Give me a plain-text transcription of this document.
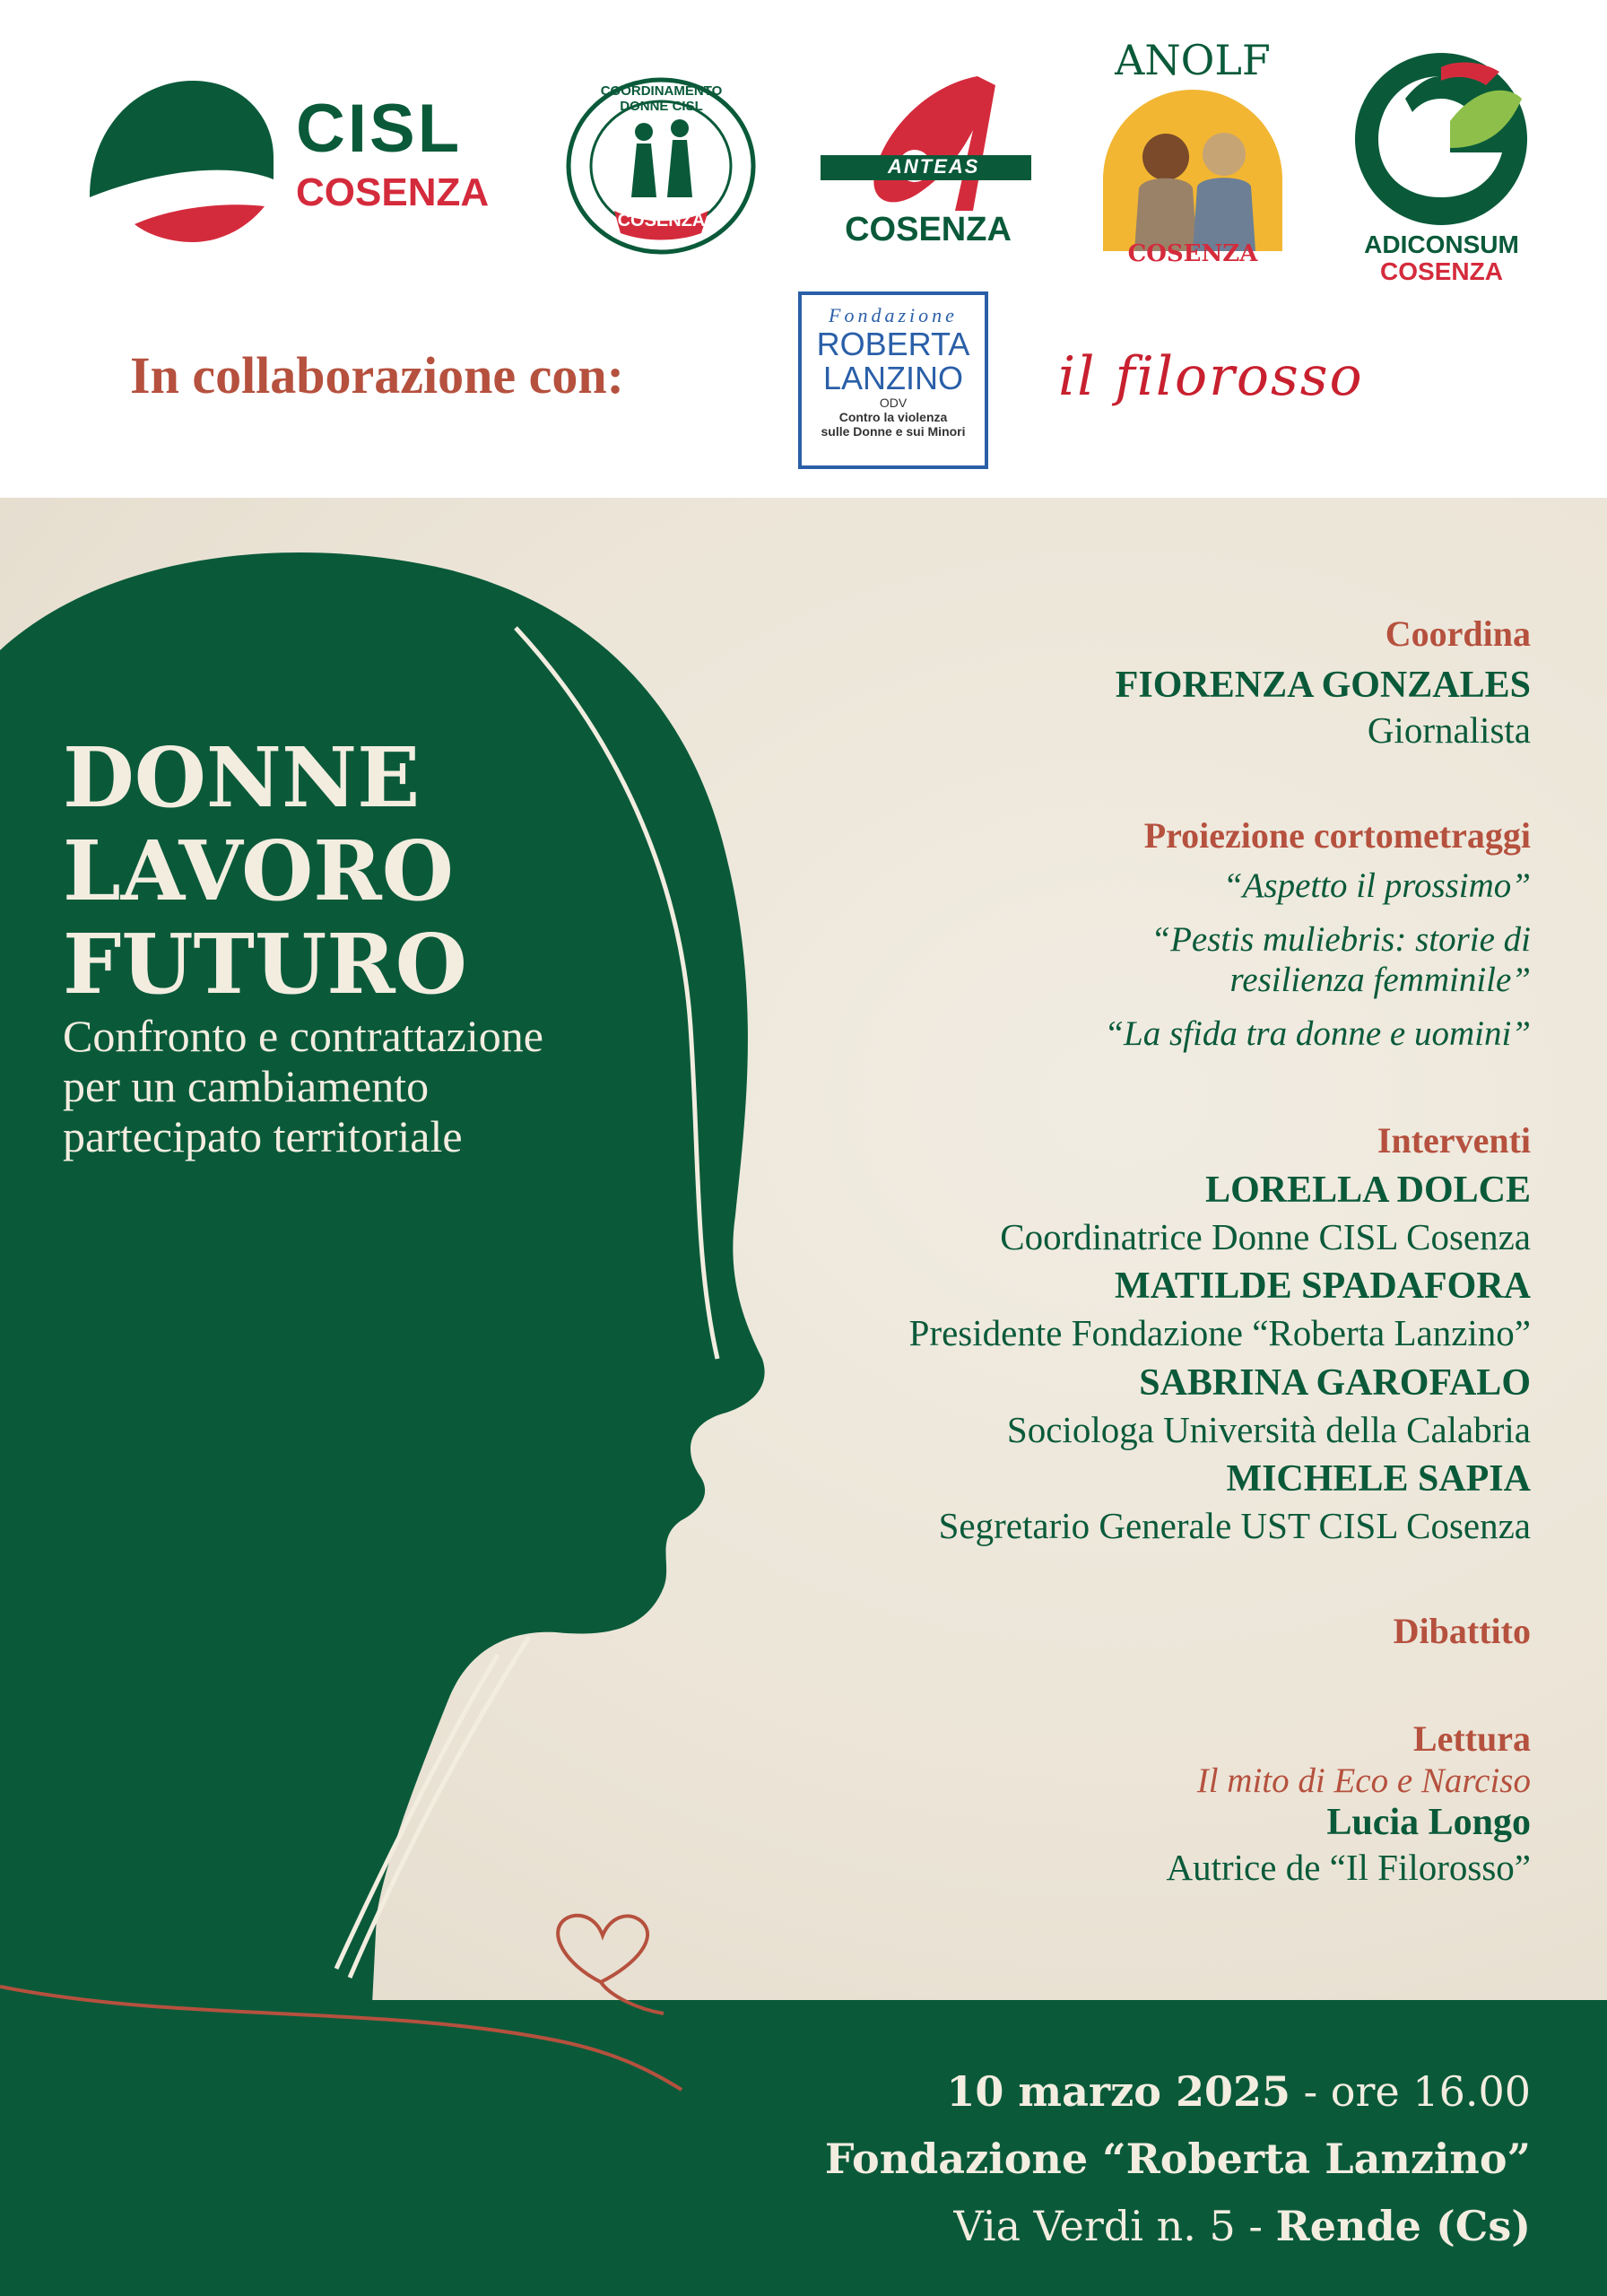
CISL
COSENZA
COORDINAMENTO DONNE CISL
COSENZA
ANTEAS
COSENZA
ANOLF
COSENZA	ADICONSUM
COSENZA
In collaborazione con:
Fondazione
ROBERTA
LANZINO
ODV
Contro la violenza
sulle Donne e sui Minori
il filorosso
DONNE
LAVORO
FUTURO
Confronto e contrattazione
per un cambiamento
partecipato territoriale
Coordina
FIORENZA GONZALES
Giornalista
Proiezione cortometraggi
“Aspetto il prossimo”
“Pestis muliebris: storie di
resilienza femminile”
“La sfida tra donne e uomini”
Interventi
LORELLA DOLCE
Coordinatrice Donne CISL Cosenza
MATILDE SPADAFORA
Presidente Fondazione “Roberta Lanzino”
SABRINA GAROFALO
Sociologa Università della Calabria
MICHELE SAPIA
Segretario Generale UST CISL Cosenza
Dibattito
Lettura
Il mito di Eco e Narciso
Lucia Longo
Autrice de “Il Filorosso”
10 marzo 2025 - ore 16.00
Fondazione “Roberta Lanzino”
Via Verdi n. 5 - Rende (Cs)
